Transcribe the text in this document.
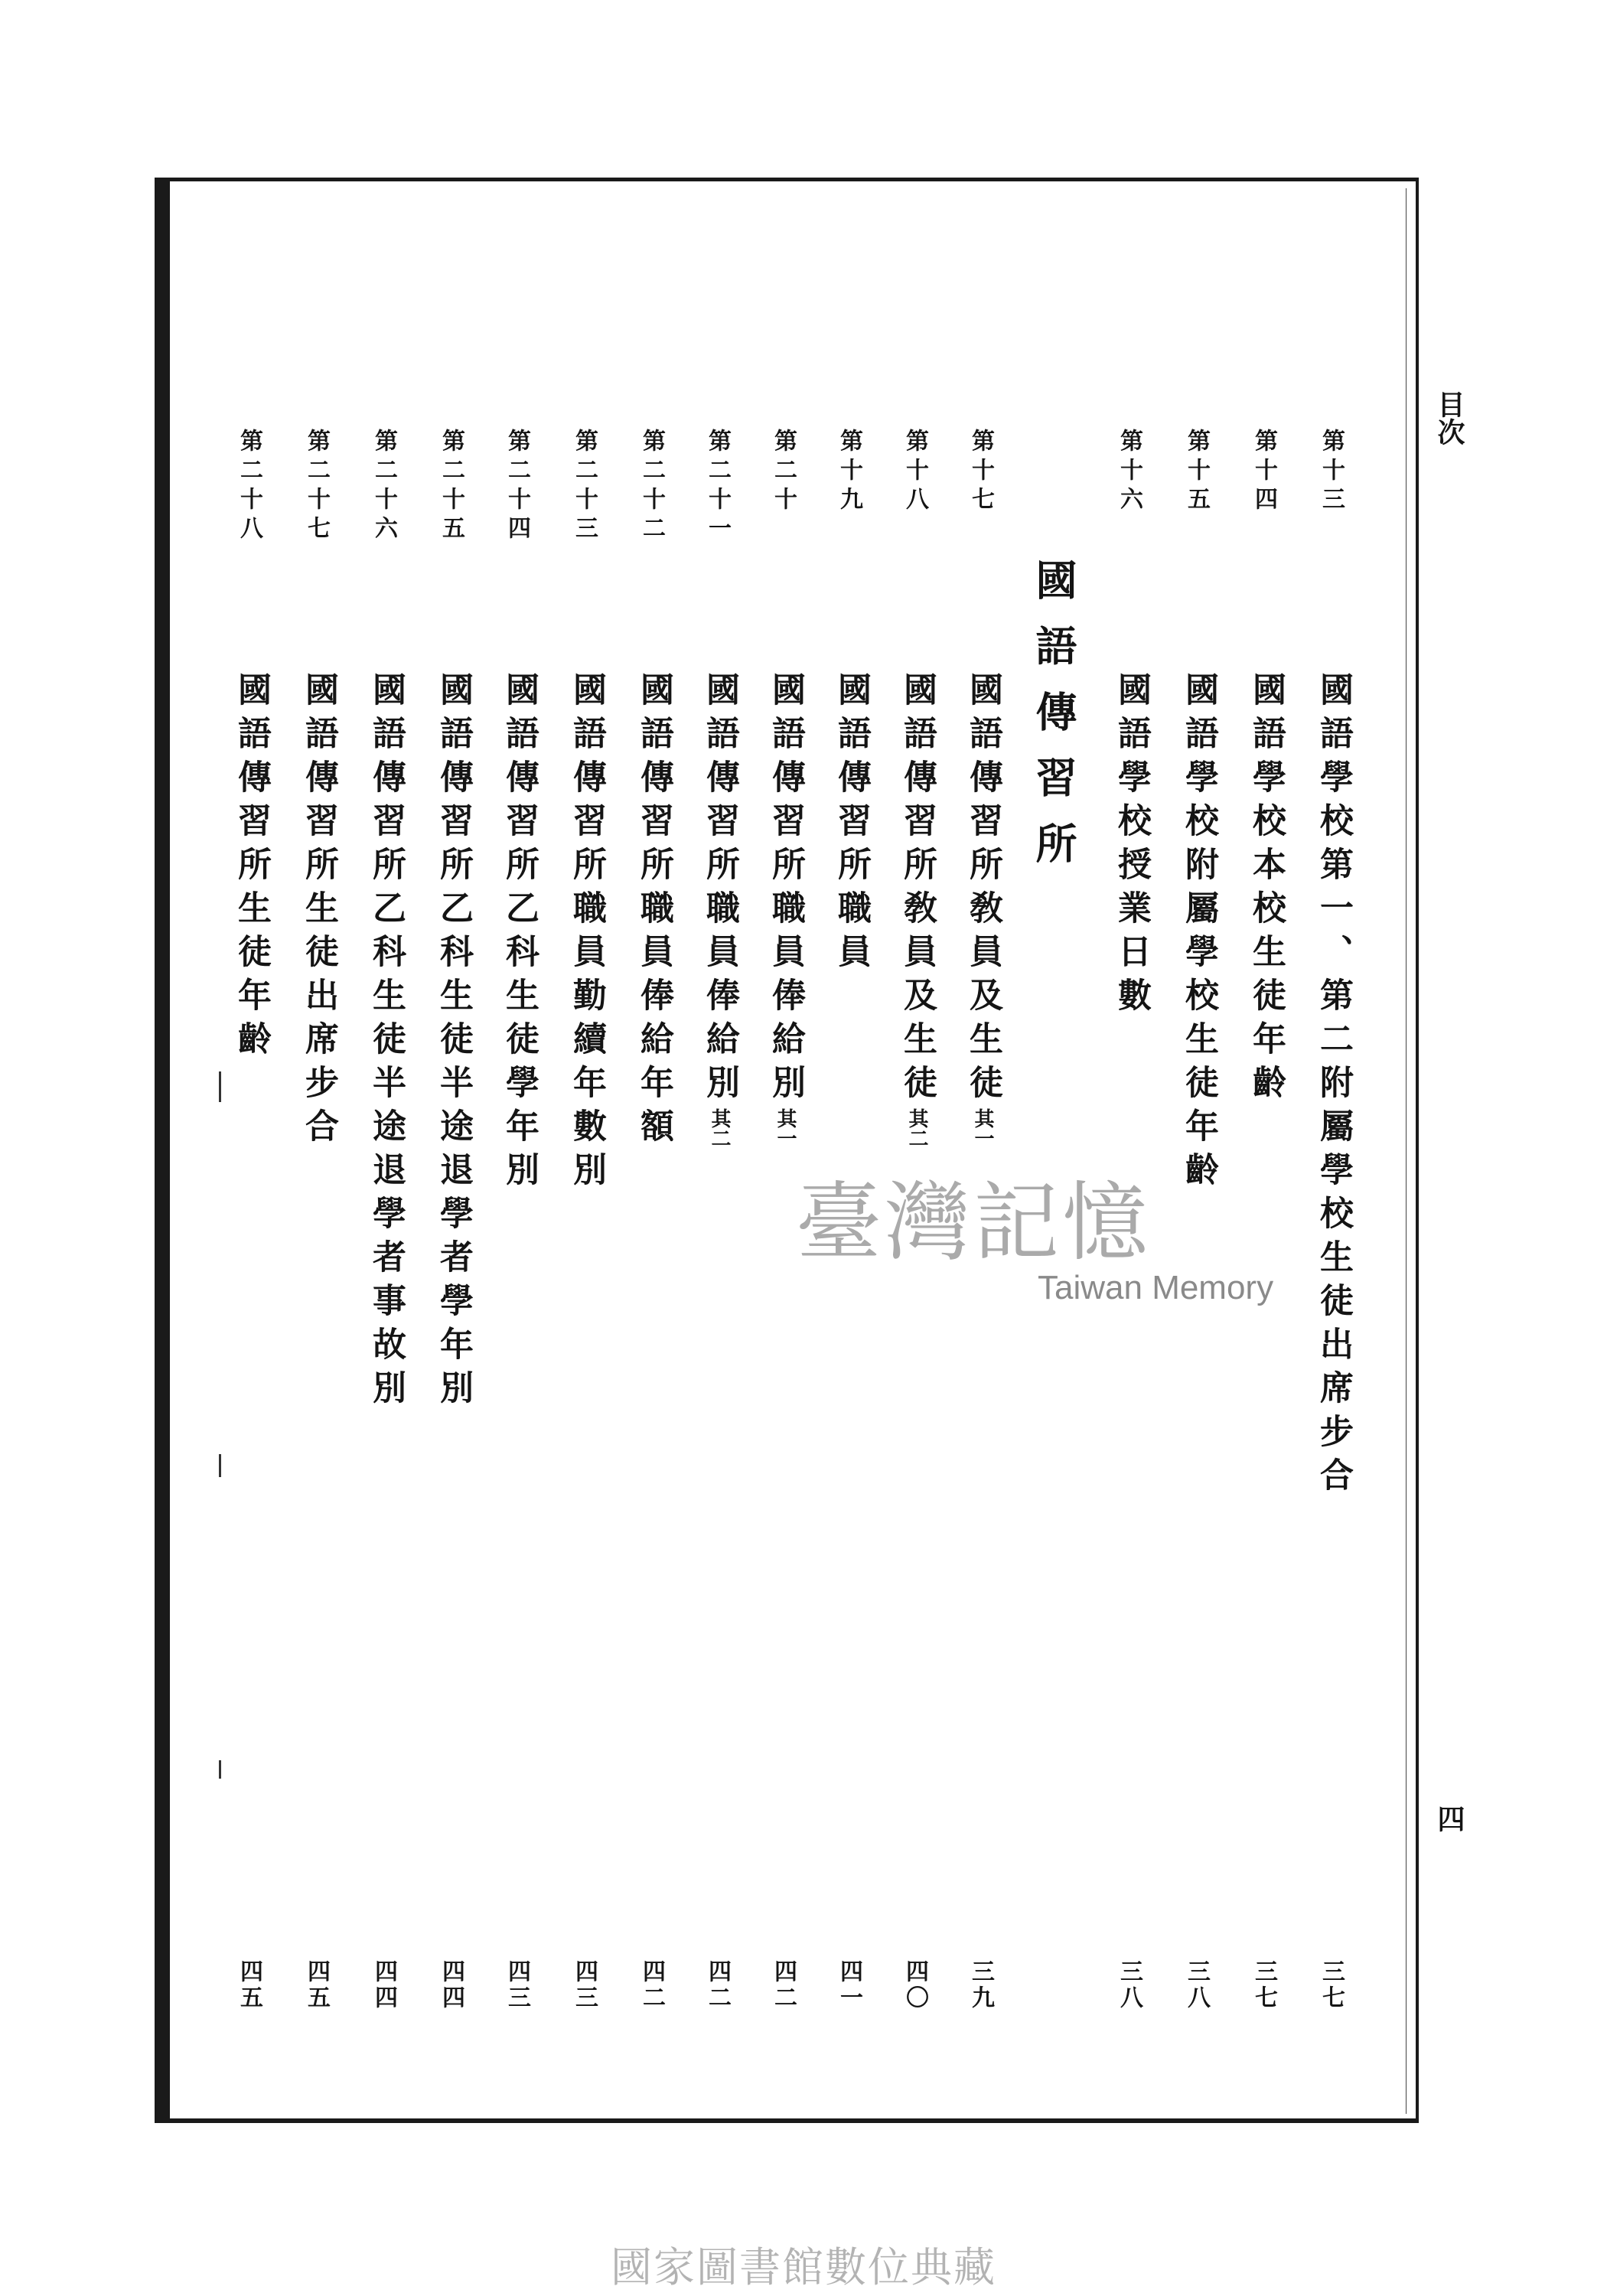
目次
四
國語傳習所
第十三
國語學校第一、第二附屬學校生徒出席步合
三七
第十四
國語學校本校生徒年齡
三七
第十五
國語學校附屬學校生徒年齡
三八
第十六
國語學校授業日數
三八
第十七
國語傳習所敎員及生徒其一
三九
第十八
國語傳習所敎員及生徒其二
四〇
第十九
國語傳習所職員
四一
第二十
國語傳習所職員俸給別其一
四二
第二十一
國語傳習所職員俸給別其二
四二
第二十二
國語傳習所職員俸給年額
四二
第二十三
國語傳習所職員勤續年數別
四三
第二十四
國語傳習所乙科生徒學年別
四三
第二十五
國語傳習所乙科生徒半途退學者學年別
四四
第二十六
國語傳習所乙科生徒半途退學者事故別
四四
第二十七
國語傳習所生徒出席步合
四五
第二十八
國語傳習所生徒年齡
四五
臺灣記憶
Taiwan Memory
國家圖書館數位典藏
